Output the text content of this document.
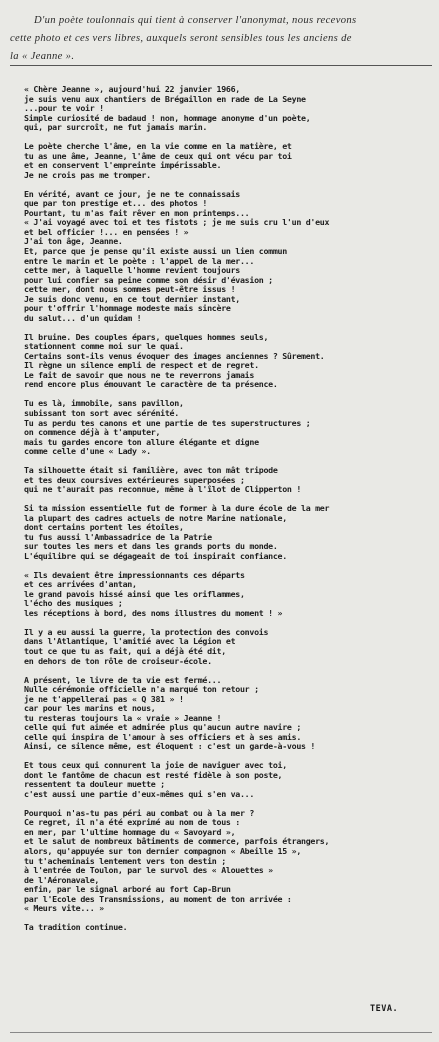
D'un poète toulonnais qui tient à conserver l'anonymat, nous recevons
cette photo et ces vers libres, auxquels seront sensibles tous les anciens de
la « Jeanne ».
« Chère Jeanne », aujourd'hui 22 janvier 1966,
je suis venu aux chantiers de Brégaillon en rade de La Seyne
...pour te voir !
Simple curiosité de badaud ! non, hommage anonyme d'un poète,
qui, par surcroît, ne fut jamais marin.
Le poète cherche l'âme, en la vie comme en la matière, et
tu as une âme, Jeanne, l'âme de ceux qui ont vécu par toi
et en conservent l'empreinte impérissable.
Je ne crois pas me tromper.
En vérité, avant ce jour, je ne te connaissais
que par ton prestige et... des photos !
Pourtant, tu m'as fait rêver en mon printemps...
« J'ai voyagé avec toi et tes fistots ; je me suis cru l'un d'eux
et bel officier !... en pensées ! »
J'ai ton âge, Jeanne.
Et, parce que je pense qu'il existe aussi un lien commun
entre le marin et le poète : l'appel de la mer...
cette mer, à laquelle l'homme revient toujours
pour lui confier sa peine comme son désir d'évasion ;
cette mer, dont nous sommes peut-être issus !
Je suis donc venu, en ce tout dernier instant,
pour t'offrir l'hommage modeste mais sincère
du salut... d'un quidam !
Il bruine. Des couples épars, quelques hommes seuls,
stationnent comme moi sur le quai.
Certains sont-ils venus évoquer des images anciennes ? Sûrement.
Il règne un silence empli de respect et de regret.
Le fait de savoir que nous ne te reverrons jamais
rend encore plus émouvant le caractère de ta présence.
Tu es là, immobile, sans pavillon,
subissant ton sort avec sérénité.
Tu as perdu tes canons et une partie de tes superstructures ;
on commence déjà à t'amputer,
mais tu gardes encore ton allure élégante et digne
comme celle d'une « Lady ».
Ta silhouette était si familière, avec ton mât tripode
et tes deux coursives extérieures superposées ;
qui ne t'aurait pas reconnue, même à l'îlot de Clipperton !
Si ta mission essentielle fut de former à la dure école de la mer
la plupart des cadres actuels de notre Marine nationale,
dont certains portent les étoiles,
tu fus aussi l'Ambassadrice de la Patrie
sur toutes les mers et dans les grands ports du monde.
L'équilibre qui se dégageait de toi inspirait confiance.
« Ils devaient être impressionnants ces départs
et ces arrivées d'antan,
le grand pavois hissé ainsi que les oriflammes,
l'écho des musiques ;
les réceptions à bord, des noms illustres du moment ! »
Il y a eu aussi la guerre, la protection des convois
dans l'Atlantique, l'amitié avec la Légion et
tout ce que tu as fait, qui a déjà été dit,
en dehors de ton rôle de croiseur-école.
A présent, le livre de ta vie est fermé...
Nulle cérémonie officielle n'a marqué ton retour ;
je ne t'appellerai pas « Q 381 » !
car pour les marins et nous,
tu resteras toujours la « vraie » Jeanne !
celle qui fut aimée et admirée plus qu'aucun autre navire ;
celle qui inspira de l'amour à ses officiers et à ses amis.
Ainsi, ce silence même, est éloquent : c'est un garde-à-vous !
Et tous ceux qui connurent la joie de naviguer avec toi,
dont le fantôme de chacun est resté fidèle à son poste,
ressentent ta douleur muette ;
c'est aussi une partie d'eux-mêmes qui s'en va...
Pourquoi n'as-tu pas péri au combat ou à la mer ?
Ce regret, il n'a été exprimé au nom de tous :
en mer, par l'ultime hommage du « Savoyard »,
et le salut de nombreux bâtiments de commerce, parfois étrangers,
alors, qu'appuyée sur ton dernier compagnon « Abeille 15 »,
tu t'acheminais lentement vers ton destin ;
à l'entrée de Toulon, par le survol des « Alouettes »
de l'Aéronavale,
enfin, par le signal arboré au fort Cap-Brun
par l'Ecole des Transmissions, au moment de ton arrivée :
« Meurs vite... »
Ta tradition continue.
TEVA.
